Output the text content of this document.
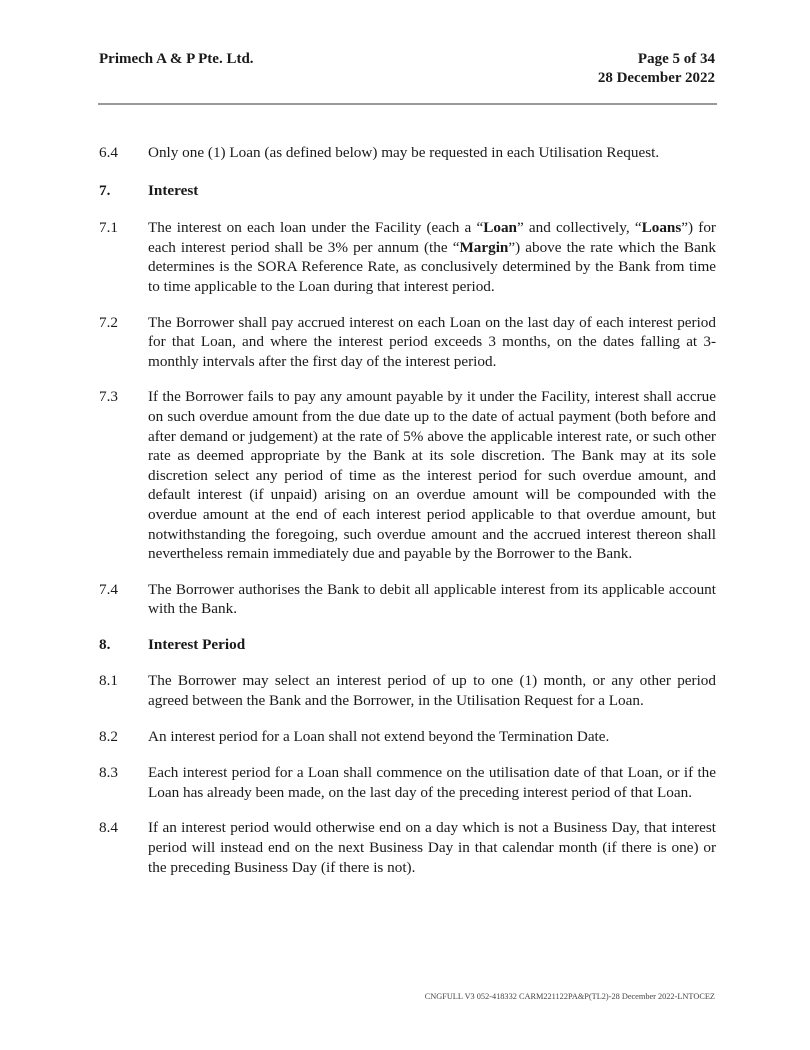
Primech A & P Pte. Ltd.	Page 5 of 34
28 December 2022
6.4	Only one (1) Loan (as defined below) may be requested in each Utilisation Request.
7.	Interest
7.1	The interest on each loan under the Facility (each a “Loan” and collectively, “Loans”) for each interest period shall be 3% per annum (the “Margin”) above the rate which the Bank determines is the SORA Reference Rate, as conclusively determined by the Bank from time to time applicable to the Loan during that interest period.
7.2	The Borrower shall pay accrued interest on each Loan on the last day of each interest period for that Loan, and where the interest period exceeds 3 months, on the dates falling at 3-monthly intervals after the first day of the interest period.
7.3	If the Borrower fails to pay any amount payable by it under the Facility, interest shall accrue on such overdue amount from the due date up to the date of actual payment (both before and after demand or judgement) at the rate of 5% above the applicable interest rate, or such other rate as deemed appropriate by the Bank at its sole discretion. The Bank may at its sole discretion select any period of time as the interest period for such overdue amount, and default interest (if unpaid) arising on an overdue amount will be compounded with the overdue amount at the end of each interest period applicable to that overdue amount, but notwithstanding the foregoing, such overdue amount and the accrued interest thereon shall nevertheless remain immediately due and payable by the Borrower to the Bank.
7.4	The Borrower authorises the Bank to debit all applicable interest from its applicable account with the Bank.
8.	Interest Period
8.1	The Borrower may select an interest period of up to one (1) month, or any other period agreed between the Bank and the Borrower, in the Utilisation Request for a Loan.
8.2	An interest period for a Loan shall not extend beyond the Termination Date.
8.3	Each interest period for a Loan shall commence on the utilisation date of that Loan, or if the Loan has already been made, on the last day of the preceding interest period of that Loan.
8.4	If an interest period would otherwise end on a day which is not a Business Day, that interest period will instead end on the next Business Day in that calendar month (if there is one) or the preceding Business Day (if there is not).
CNGFULL V3 052-418332 CARM221122PA&P(TL2)-28 December 2022-LNTOCEZ
